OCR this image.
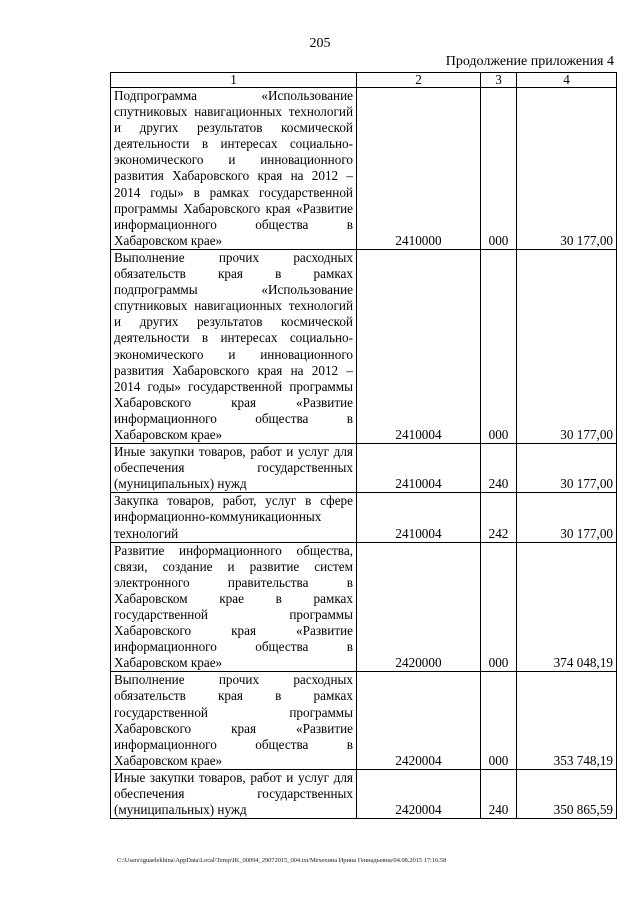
205
Продолжение приложения 4
1	2	3	4
Подпрограмма «Использование спутниковых навигационных технологий и других результатов космической деятельности в интересах социально-экономического и инновационного развития Хабаровского края на 2012 – 2014 годы» в рамках государственной программы Хабаровского края «Развитие информационного общества в Хабаровском крае»	2410000	000	30 177,00
Выполнение прочих расходных обязательств края в рамках подпрограммы «Использование спутниковых навигационных технологий и других результатов космической деятельности в интересах социально-экономического и инновационного развития Хабаровского края на 2012 – 2014 годы» государственной программы Хабаровского края «Развитие информационного общества в Хабаровском крае»	2410004	000	30 177,00
Иные закупки товаров, работ и услуг для обеспечения государственных (муниципальных) нужд	2410004	240	30 177,00
Закупка товаров, работ, услуг в сфере информационно-коммуникационных технологий	2410004	242	30 177,00
Развитие информационного общества, связи, создание и развитие систем электронного правительства в Хабаровском крае в рамках государственной программы Хабаровского края «Развитие информационного общества в Хабаровском крае»	2420000	000	374 048,19
Выполнение прочих расходных обязательств края в рамках государственной программы Хабаровского края «Развитие информационного общества в Хабаровском крае»	2420004	000	353 748,19
Иные закупки товаров, работ и услуг для обеспечения государственных (муниципальных) нужд	2420004	240	350 865,59
C:\Users\iguaelekhina\AppData\Local\Temp\IK_00094_29072015_004.txt/Мехехина Ирина Геннадьевна/04.08.2015 17:16:58
